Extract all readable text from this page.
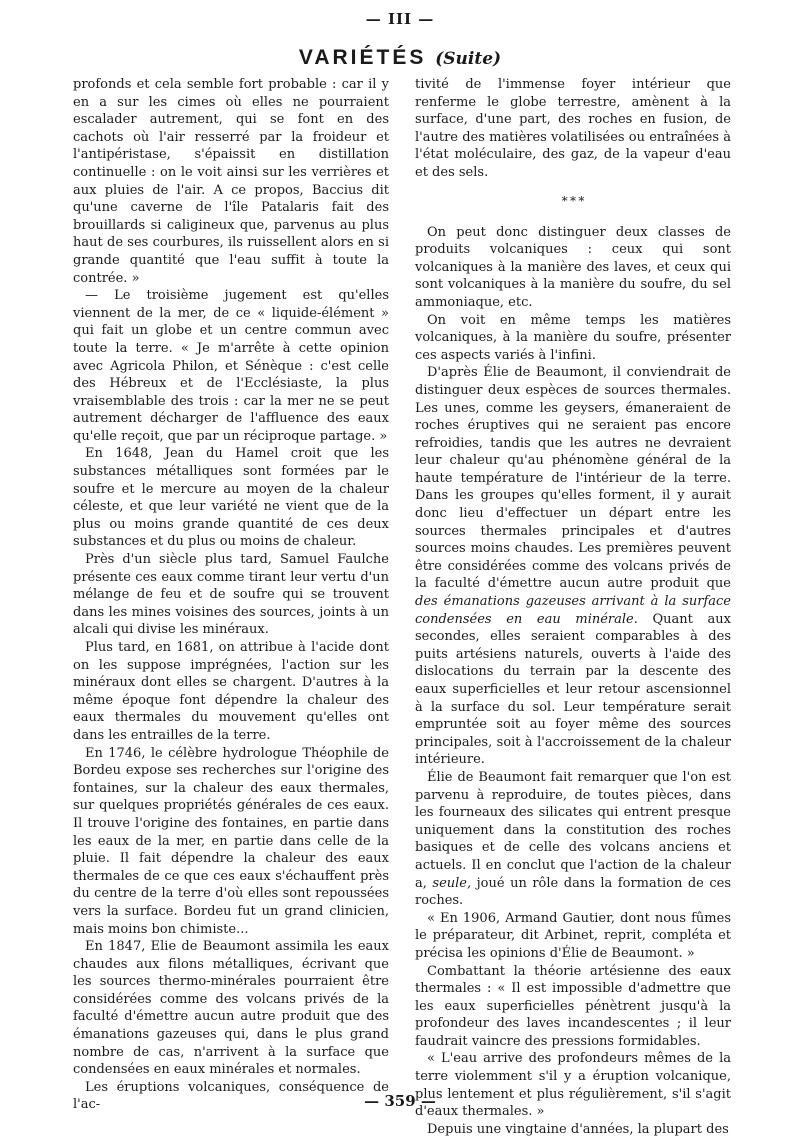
— III —
VARIÉTÉS (Suite)

profonds et cela semble fort probable : car il y en a sur les cimes où elles ne pourraient escalader autrement, qui se font en des cachots où l'air resserré par la froideur et l'antipéristase, s'épaissit en distillation continuelle : on le voit ainsi sur les verrières et aux pluies de l'air. A ce propos, Baccius dit qu'une caverne de l'île Patalaris fait des brouillards si caligineux que, parvenus au plus haut de ses courbures, ils ruissellent alors en si grande quantité que l'eau suffit à toute la contrée. »

— Le troisième jugement est qu'elles viennent de la mer, de ce « liquide-élément » qui fait un globe et un centre commun avec toute la terre. « Je m'arrête à cette opinion avec Agricola Philon, et Sénèque : c'est celle des Hébreux et de l'Ecclésiaste, la plus vraisemblable des trois : car la mer ne se peut autrement décharger de l'affluence des eaux qu'elle reçoit, que par un réciproque partage. »

En 1648, Jean du Hamel croit que les substances métalliques sont formées par le soufre et le mercure au moyen de la chaleur céleste, et que leur variété ne vient que de la plus ou moins grande quantité de ces deux substances et du plus ou moins de chaleur.

Près d'un siècle plus tard, Samuel Faulche présente ces eaux comme tirant leur vertu d'un mélange de feu et de soufre qui se trouvent dans les mines voisines des sources, joints à un alcali qui divise les minéraux.

Plus tard, en 1681, on attribue à l'acide dont on les suppose imprégnées, l'action sur les minéraux dont elles se chargent. D'autres à la même époque font dépendre la chaleur des eaux thermales du mouvement qu'elles ont dans les entrailles de la terre.

En 1746, le célèbre hydrologue Théophile de Bordeu expose ses recherches sur l'origine des fontaines, sur la chaleur des eaux thermales, sur quelques propriétés générales de ces eaux. Il trouve l'origine des fontaines, en partie dans les eaux de la mer, en partie dans celle de la pluie. Il fait dépendre la chaleur des eaux thermales de ce que ces eaux s'échauffent près du centre de la terre d'où elles sont repoussées vers la surface. Bordeu fut un grand clinicien, mais moins bon chimiste...

En 1847, Elie de Beaumont assimila les eaux chaudes aux filons métalliques, écrivant que les sources thermo-minérales pourraient être considérées comme des volcans privés de la faculté d'émettre aucun autre produit que des émanations gazeuses qui, dans le plus grand nombre de cas, n'arrivent à la surface que condensées en eaux minérales et normales.

Les éruptions volcaniques, conséquence de l'ac-

tivité de l'immense foyer intérieur que renferme le globe terrestre, amènent à la surface, d'une part, des roches en fusion, de l'autre des matières volatilisées ou entraînées à l'état moléculaire, des gaz, de la vapeur d'eau et des sels.

* * *

On peut donc distinguer deux classes de produits volcaniques : ceux qui sont volcaniques à la manière des laves, et ceux qui sont volcaniques à la manière du soufre, du sel ammoniaque, etc.

On voit en même temps les matières volcaniques, à la manière du soufre, présenter ces aspects variés à l'infini.

D'après Élie de Beaumont, il conviendrait de distinguer deux espèces de sources thermales. Les unes, comme les geysers, émaneraient de roches éruptives qui ne seraient pas encore refroidies, tandis que les autres ne devraient leur chaleur qu'au phénomène général de la haute température de l'intérieur de la terre. Dans les groupes qu'elles forment, il y aurait donc lieu d'effectuer un départ entre les sources thermales principales et d'autres sources moins chaudes. Les premières peuvent être considérées comme des volcans privés de la faculté d'émettre aucun autre produit que des émanations gazeuses arrivant à la surface condensées en eau minérale. Quant aux secondes, elles seraient comparables à des puits artésiens naturels, ouverts à l'aide des dislocations du terrain par la descente des eaux superficielles et leur retour ascensionnel à la surface du sol. Leur température serait empruntée soit au foyer même des sources principales, soit à l'accroissement de la chaleur intérieure.

Élie de Beaumont fait remarquer que l'on est parvenu à reproduire, de toutes pièces, dans les fourneaux des silicates qui entrent presque uniquement dans la constitution des roches basiques et de celle des volcans anciens et actuels. Il en conclut que l'action de la chaleur a, seule, joué un rôle dans la formation de ces roches.

« En 1906, Armand Gautier, dont nous fûmes le préparateur, dit Arbinet, reprit, compléta et précisa les opinions d'Élie de Beaumont. »

Combattant la théorie artésienne des eaux thermales : « Il est impossible d'admettre que les eaux superficielles pénètrent jusqu'à la profondeur des laves incandescentes ; il leur faudrait vaincre des pressions formidables.

« L'eau arrive des profondeurs mêmes de la terre violemment s'il y a éruption volcanique, plus lentement et plus régulièrement, s'il s'agit d'eaux thermales. »

Depuis une vingtaine d'années, la plupart des

— 359 —
